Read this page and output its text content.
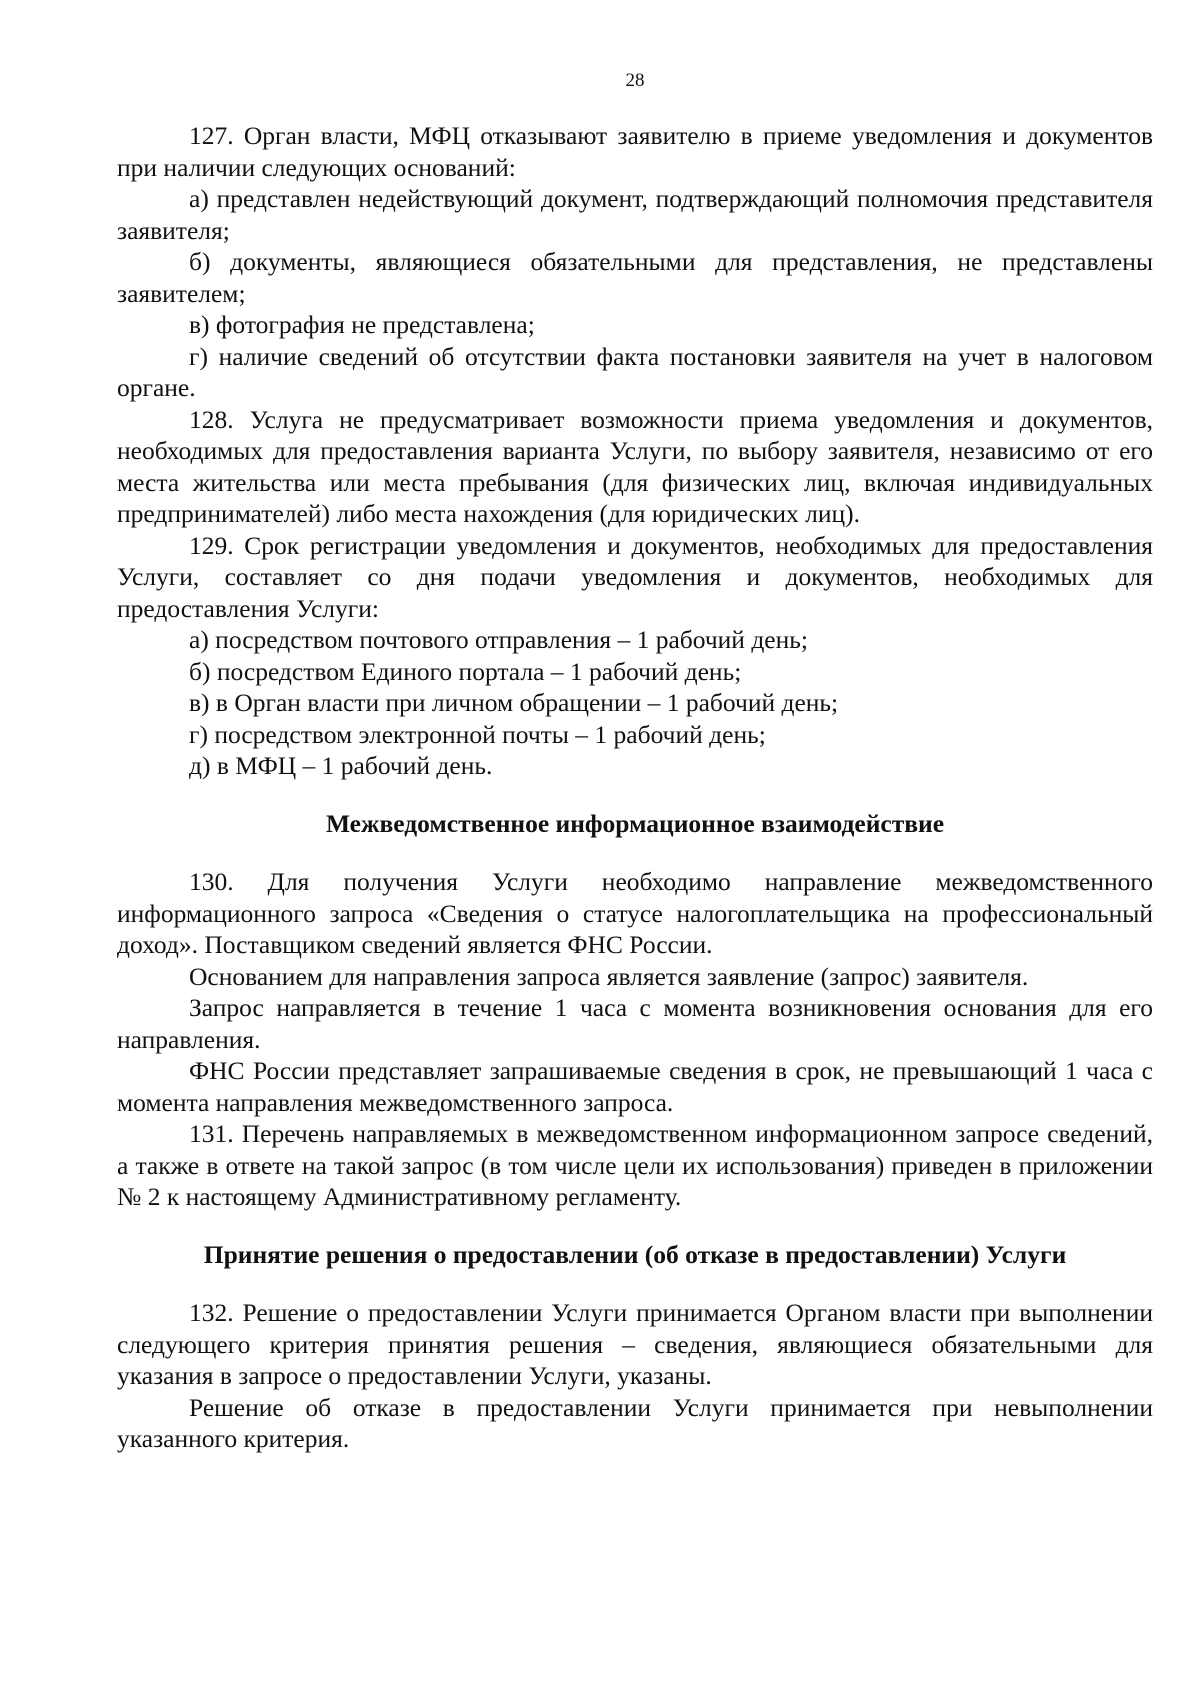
28

127. Орган власти, МФЦ отказывают заявителю в приеме уведомления и документов при наличии следующих оснований:

а) представлен недействующий документ, подтверждающий полномочия представителя заявителя;

б) документы, являющиеся обязательными для представления, не представлены заявителем;

в) фотография не представлена;

г) наличие сведений об отсутствии факта постановки заявителя на учет в налоговом органе.

128. Услуга не предусматривает возможности приема уведомления и документов, необходимых для предоставления варианта Услуги, по выбору заявителя, независимо от его места жительства или места пребывания (для физических лиц, включая индивидуальных предпринимателей) либо места нахождения (для юридических лиц).

129. Срок регистрации уведомления и документов, необходимых для предоставления Услуги, составляет со дня подачи уведомления и документов, необходимых для предоставления Услуги:

а) посредством почтового отправления – 1 рабочий день;

б) посредством Единого портала – 1 рабочий день;

в) в Орган власти при личном обращении – 1 рабочий день;

г) посредством электронной почты – 1 рабочий день;

д) в МФЦ – 1 рабочий день.

Межведомственное информационное взаимодействие

130. Для получения Услуги необходимо направление межведомственного информационного запроса «Сведения о статусе налогоплательщика на профессиональный доход». Поставщиком сведений является ФНС России.

Основанием для направления запроса является заявление (запрос) заявителя.

Запрос направляется в течение 1 часа с момента возникновения основания для его направления.

ФНС России представляет запрашиваемые сведения в срок, не превышающий 1 часа с момента направления межведомственного запроса.

131. Перечень направляемых в межведомственном информационном запросе сведений, а также в ответе на такой запрос (в том числе цели их использования) приведен в приложении № 2 к настоящему Административному регламенту.

Принятие решения о предоставлении (об отказе в предоставлении) Услуги

132. Решение о предоставлении Услуги принимается Органом власти при выполнении следующего критерия принятия решения – сведения, являющиеся обязательными для указания в запросе о предоставлении Услуги, указаны.

Решение об отказе в предоставлении Услуги принимается при невыполнении указанного критерия.
